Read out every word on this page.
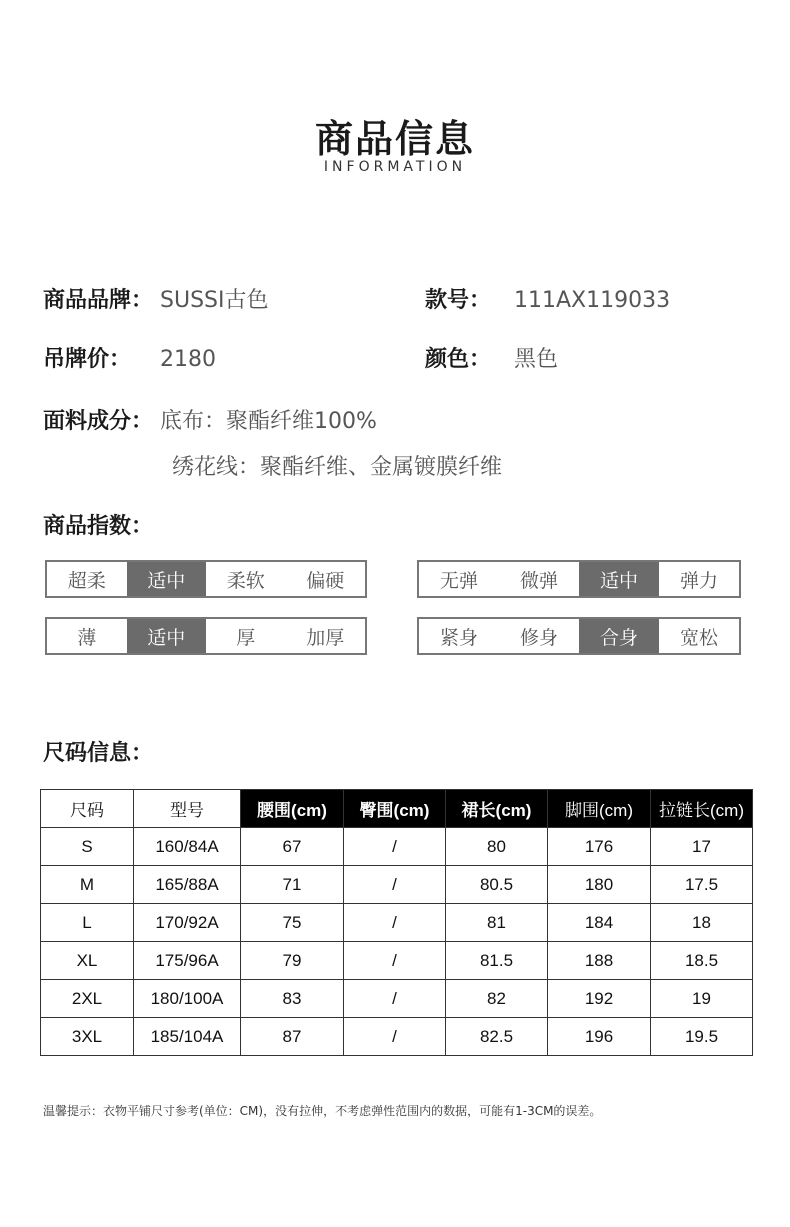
商品信息
INFORMATION
商品品牌： SUSSI古色	款号： 111AX119033
吊牌价： 2180	颜色： 黑色
面料成分： 底布：聚酯纤维100%
绣花线：聚酯纤维、金属镀膜纤维
商品指数：
超柔	适中	柔软	偏硬	无弹	微弹	适中	弹力
薄	适中	厚	加厚	紧身	修身	合身	宽松
尺码信息：
尺码	型号	腰围(cm)	臀围(cm)	裙长(cm)	脚围(cm)	拉链长(cm)
S	160/84A	67	/	80	176	17
M	165/88A	71	/	80.5	180	17.5
L	170/92A	75	/	81	184	18
XL	175/96A	79	/	81.5	188	18.5
2XL	180/100A	83	/	82	192	19
3XL	185/104A	87	/	82.5	196	19.5
温馨提示：衣物平铺尺寸参考(单位：CM)，没有拉伸，不考虑弹性范围内的数据，可能有1-3CM的误差。
